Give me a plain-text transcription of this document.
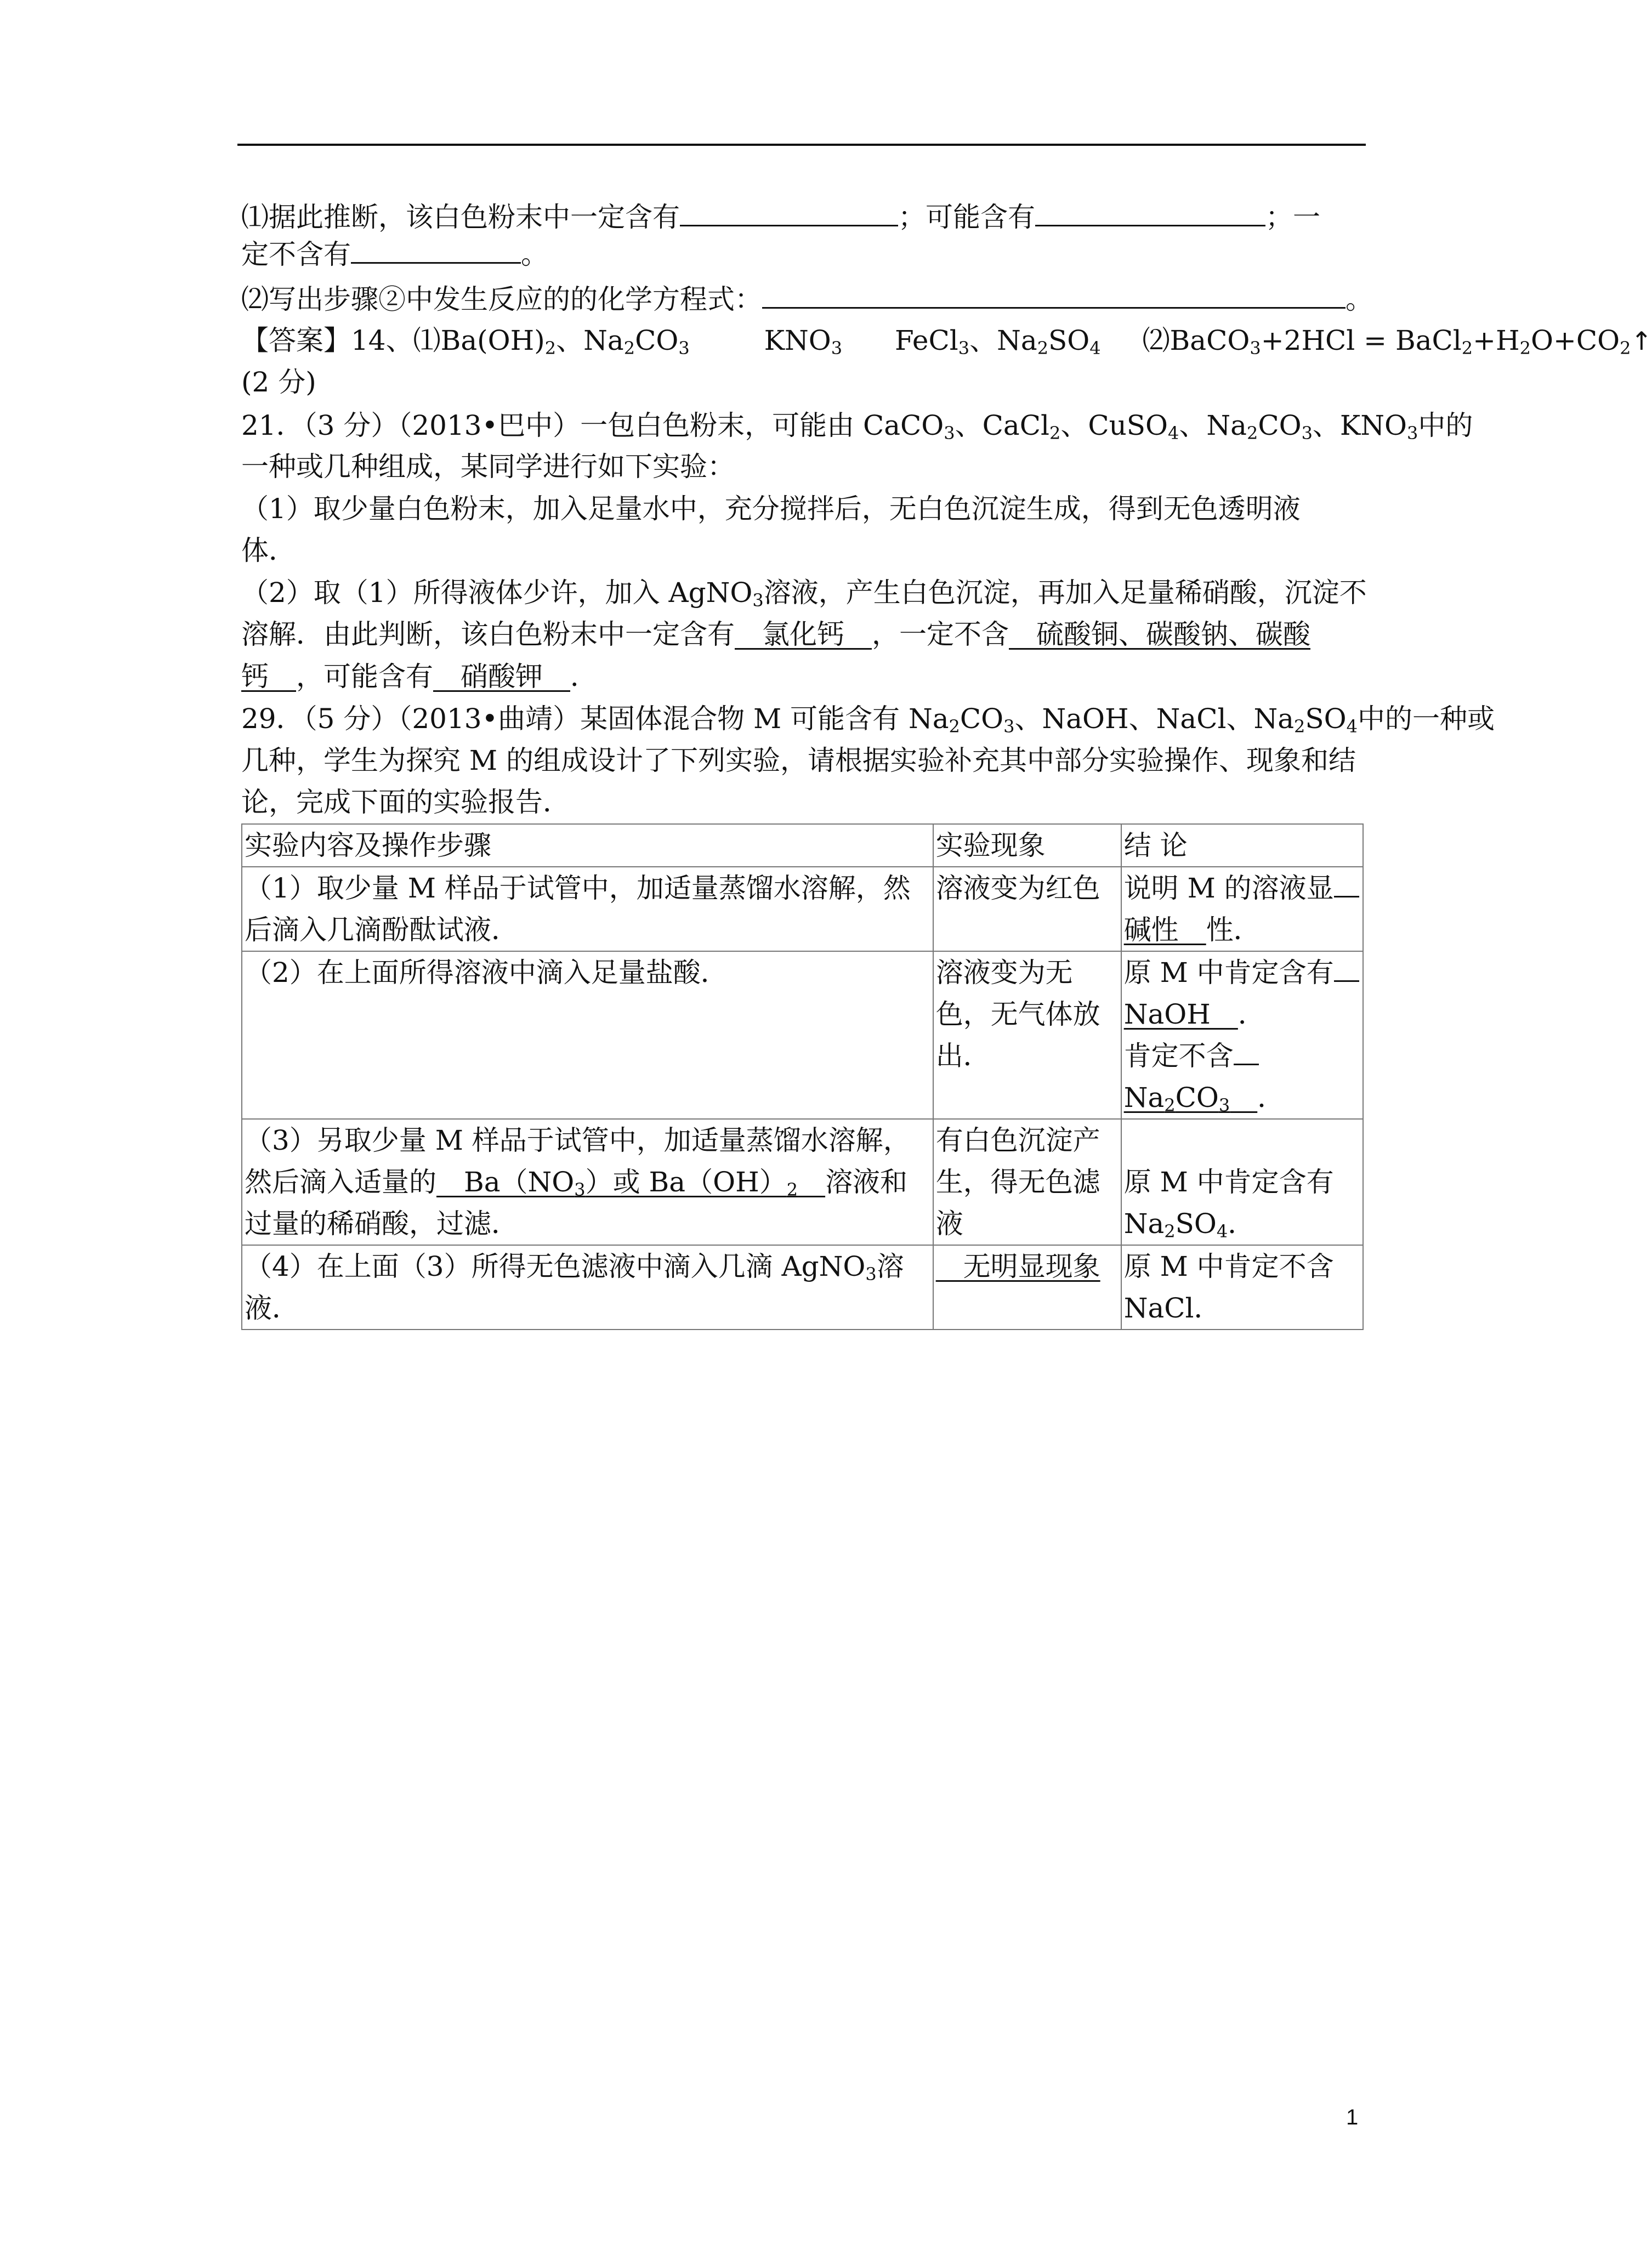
⑴据此推断，该白色粉末中一定含有	；可能含有	；一
定不含有	。
⑵写出步骤②中发生反应的的化学方程式：	。
【答案】14、$⑴Ba(OH)_2$、$Na_2CO_3$	$KNO_3$ FeCl$_3$、$Na_2SO_4$ ⑵BaCO$_3$+2HCl = $BaCl_2+H_2O+CO_2↑$
(2 分)
21．（3 分）（2013•巴中）一包白色粉末，可能由 CaCO$_3$、CaCl$_2$、CuSO$_4$、$Na_2CO_3$、$KNO_3$中的
一种或几种组成，某同学进行如下实验：
（1）取少量白色粉末，加入足量水中，充分搅拌后，无白色沉淀生成，得到无色透明液
体．
（2）取（1）所得液体少许，加入 AgNO$_3$溶液，产生白色沉淀，再加入足量稀硝酸，沉淀不
溶解．由此判断，该白色粉末中一定含有　氯化钙　，一定不含　硫酸铜、碳酸钠、碳酸
钙　，可能含有　硝酸钾　．
29．（5 分）（2013•曲靖）某固体混合物 M 可能含有 $Na_2CO_3$、NaOH、NaCl、$Na_2SO_4$中的一种或
几种，学生为探究 M 的组成设计了下列实验，请根据实验补充其中部分实验操作、现象和结
论，完成下面的实验报告．
实验内容及操作步骤	实验现象	结 论
（1）取少量 M 样品于试管中，加适量蒸馏水溶解，然后滴入几滴酚酞试液．	溶液变为红色	说明 M 的溶液显
碱性　性．
（2）在上面所得溶液中滴入足量盐酸．	溶液变为无色，无气体放出．	原 M 中肯定含有
NaOH　．
肯定不含
$Na_2CO_3$　 ．
（3）另取少量 M 样品于试管中，加适量蒸馏水溶解，然后滴入适量的　$Ba(NO_3)$或 $Ba(OH)_2$　 溶液和过量的稀硝酸，过滤．	有白色沉淀产生，得无色滤液	原 M 中肯定含有
$Na_2SO_4$．
（4）在上面（3）所得无色滤液中滴入几滴 AgNO$_3$溶液．	　无明显现象	原 M 中肯定不含 NaCl．
1
